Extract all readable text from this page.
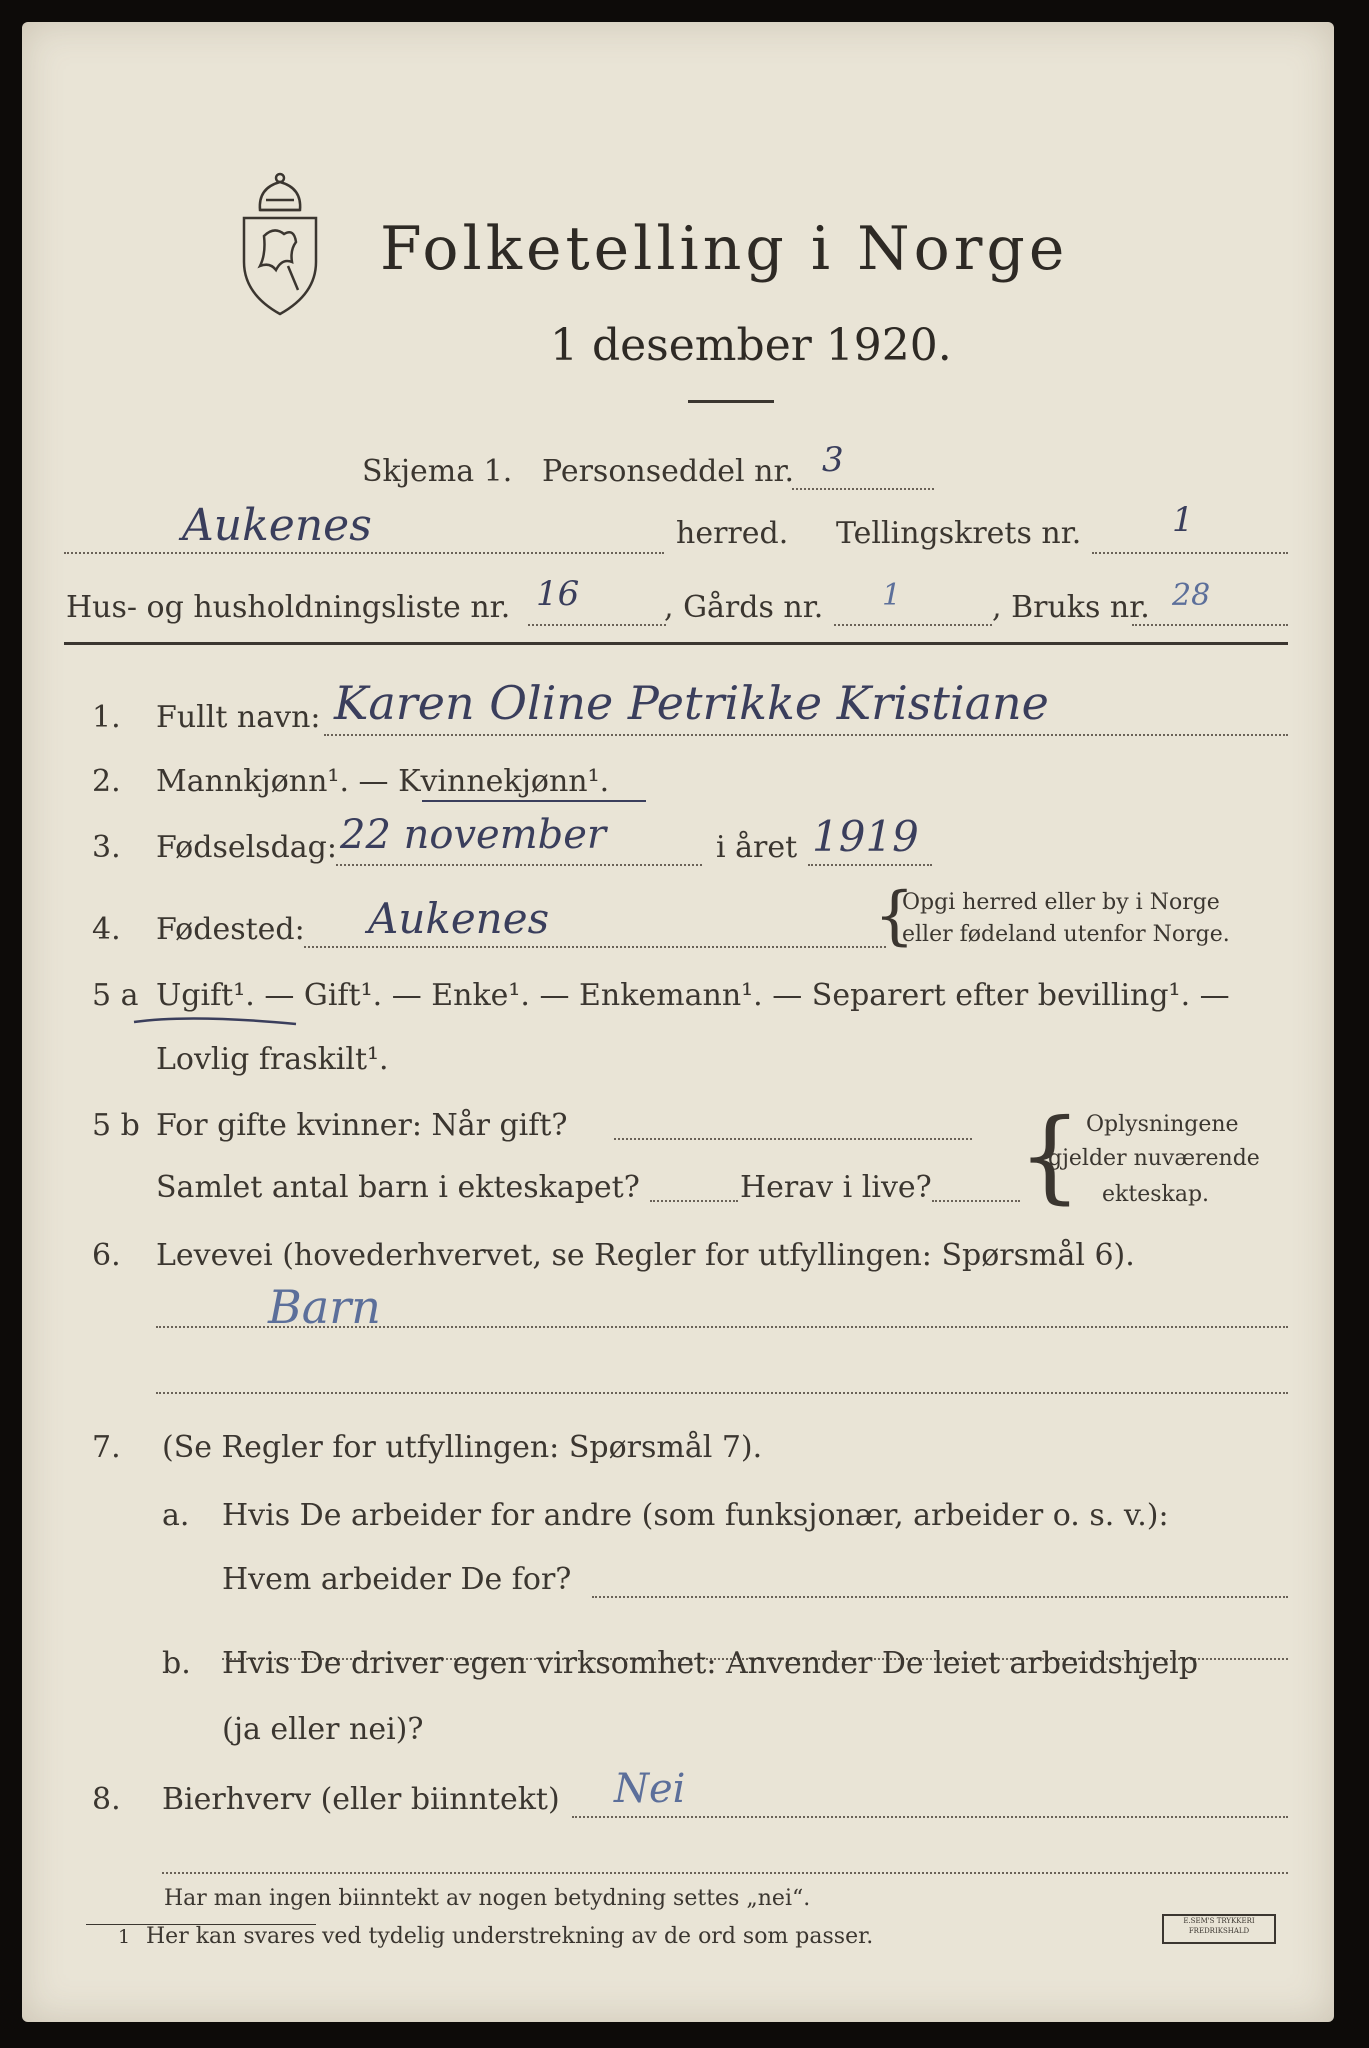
Folketelling i Norge
1 desember 1920.
Skjema 1. Personseddel nr. 3
Aukenes	herred. Tellingskrets nr.	1
Hus- og husholdningsliste nr. 16	, Gårds nr. 1	, Bruks nr. 28
1. Fullt navn: Karen Oline Petrikke Kristiane
2. Mannkjønn¹. — Kvinnekjønn¹.
3. Fødselsdag: 22 november	i året 1919
4. Fødested: Aukenes	{
Opgi herred eller by i Norge
eller fødeland utenfor Norge.
5 a Ugift¹. — Gift¹. — Enke¹. — Enkemann¹. — Separert efter bevilling¹. —
Lovlig fraskilt¹.
5 b For gifte kvinner: Når gift?
Samlet antal barn i ekteskapet?	Herav i live? { Oplysningene
gjelder nuværende
ekteskap.
6. Levevei (hovederhvervet, se Regler for utfyllingen: Spørsmål 6).
Barn
7. (Se Regler for utfyllingen: Spørsmål 7).
a. Hvis De arbeider for andre (som funksjonær, arbeider o. s. v.):
Hvem arbeider De for?
b. Hvis De driver egen virksomhet: Anvender De leiet arbeidshjelp
(ja eller nei)?
8. Bierhverv (eller biinntekt) Nei
Har man ingen biinntekt av nogen betydning settes „nei“.
1 Her kan svares ved tydelig understrekning av de ord som passer.
E.SEM'S TRYKKERI
FREDRIKSHALD
